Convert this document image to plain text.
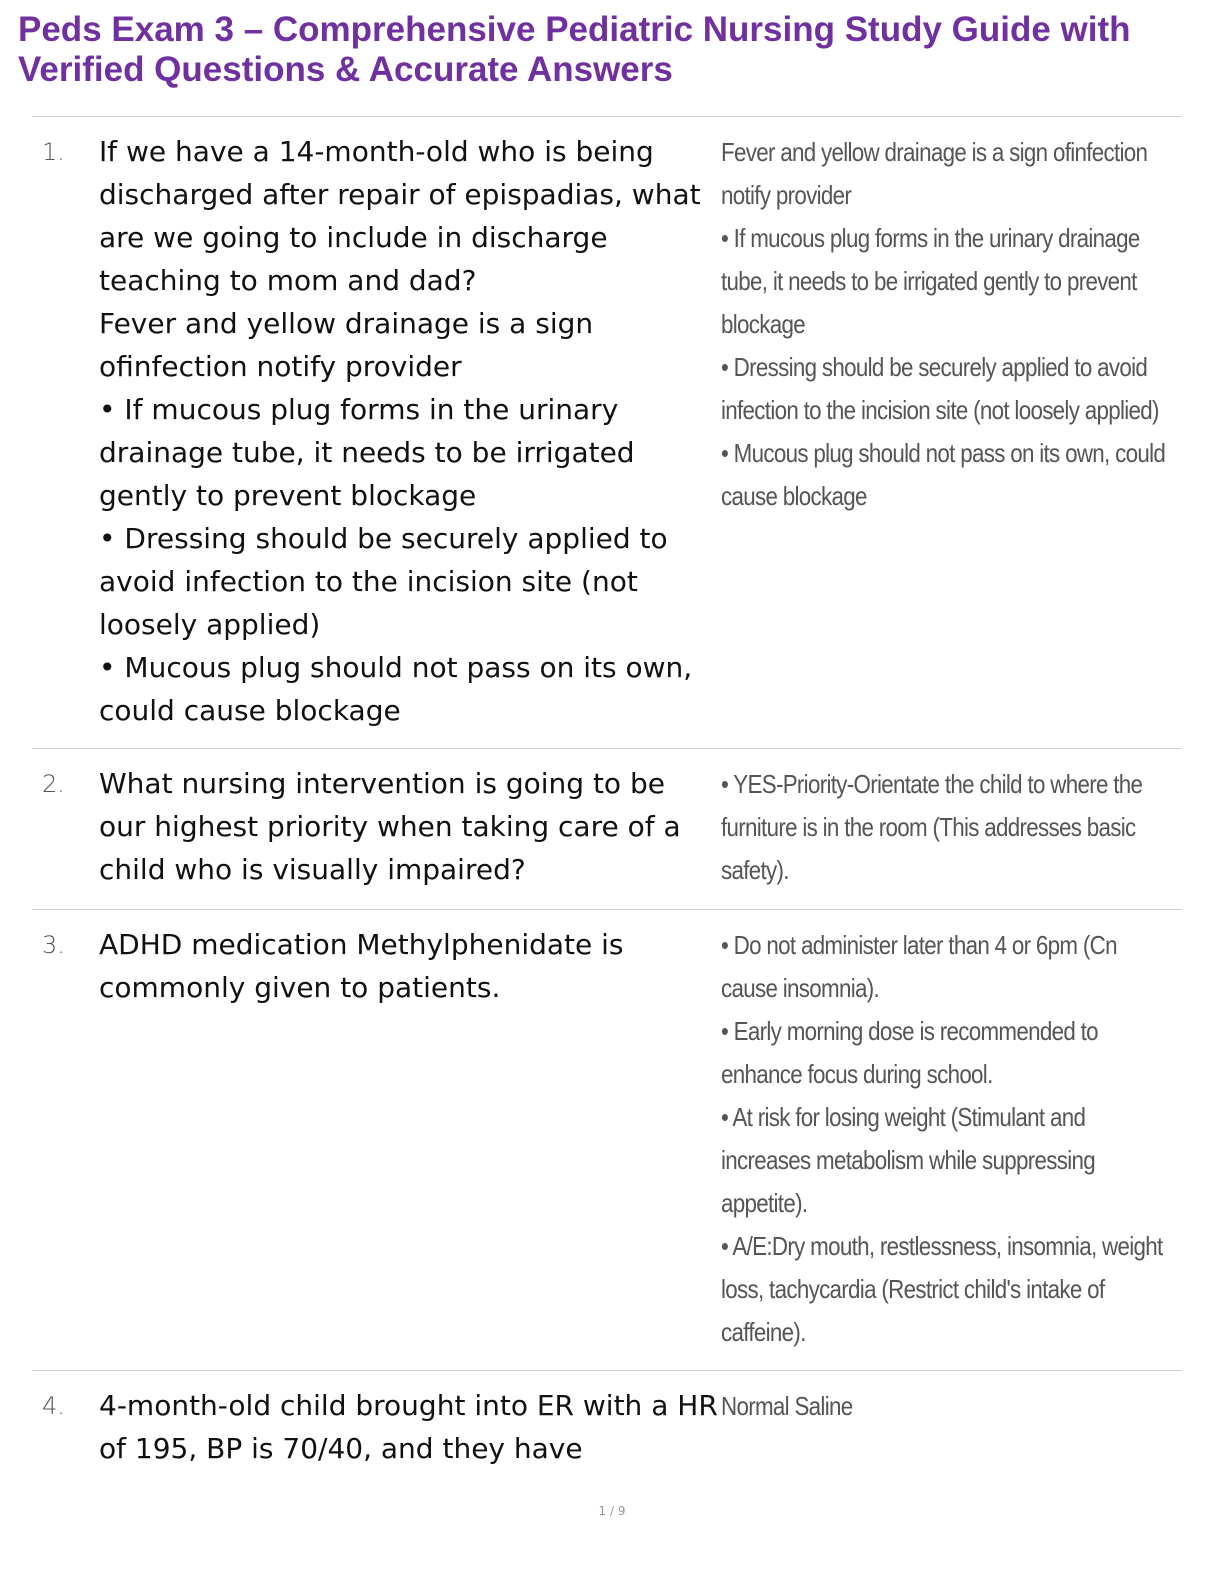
Peds Exam 3 – Comprehensive Pediatric Nursing Study Guide with Verified Questions & Accurate Answers
1. If we have a 14-month-old who is being discharged after repair of epispadias, what are we going to include in discharge teaching to mom and dad?

Fever and yellow drainage is a sign ofinfection notify provider

• If mucous plug forms in the urinary drainage tube, it needs to be irrigated gently to prevent blockage

• Dressing should be securely applied to avoid infection to the incision site (not loosely applied)

• Mucous plug should not pass on its own, could cause blockage

Fever and yellow drainage is a sign ofinfection notify provider

• If mucous plug forms in the urinary drainage tube, it needs to be irrigated gently to prevent blockage

• Dressing should be securely applied to avoid infection to the incision site (not loosely applied)

• Mucous plug should not pass on its own, could cause blockage

2. What nursing intervention is going to be our highest priority when taking care of a child who is visually impaired?

• YES-Priority-Orientate the child to where the furniture is in the room (This addresses basic safety).

3. ADHD medication Methylphenidate is commonly given to patients.

• Do not administer later than 4 or 6pm (Cn cause insomnia).

• Early morning dose is recommended to enhance focus during school.

• At risk for losing weight (Stimulant and increases metabolism while suppressing appetite).

• A/E:Dry mouth, restlessness, insomnia, weight loss, tachycardia (Restrict child's intake of caffeine).

4. 4-month-old child brought into ER with a HR of 195, BP is 70/40, and they have

Normal Saline

1 / 9
